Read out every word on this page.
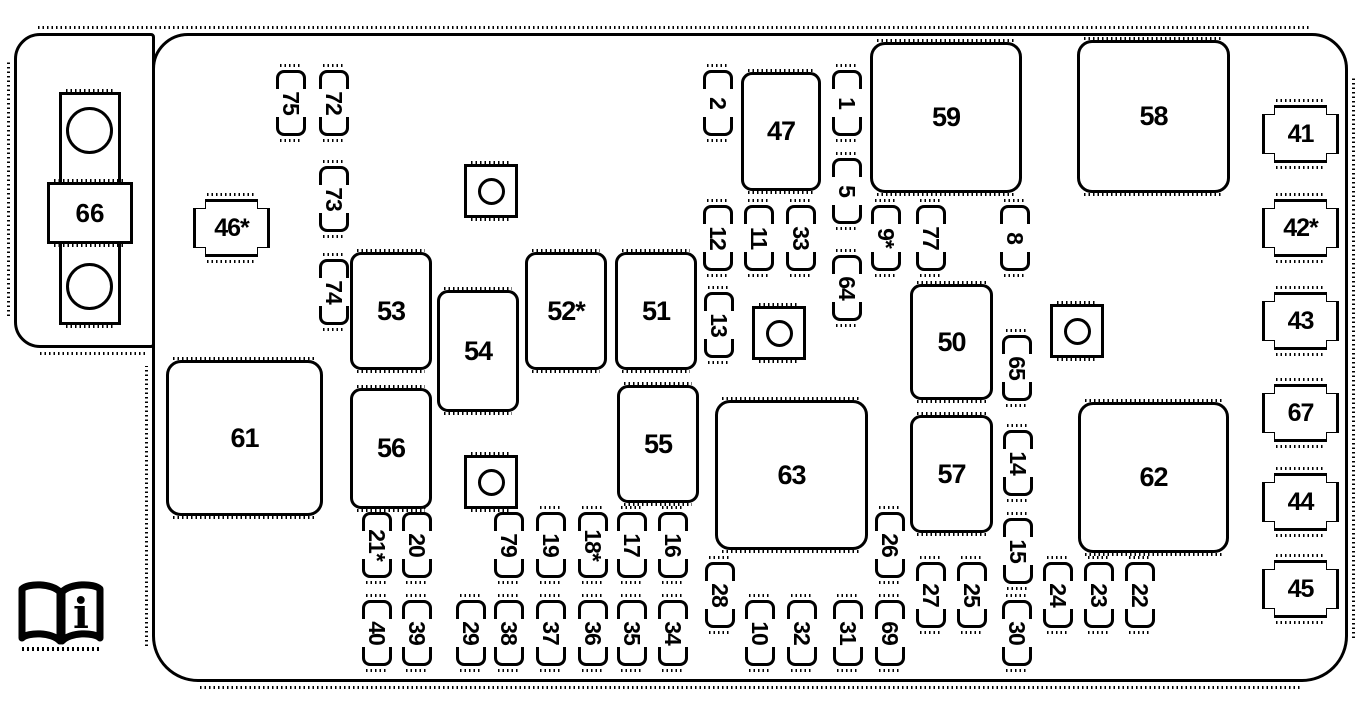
66
i
47	59	58
53
54
52* 51
61	56	55
50
57
63	62
75 72
73
74
2	1
5
12 11 33
64
9* 77	8
13
65
14
15
21* 20	79 19 18* 17 16	26
28	27 25	24 23 22
40 39	29 38 37 36 35 34	10 32 31 69	30
46*
41
42*
43
67
44
45
